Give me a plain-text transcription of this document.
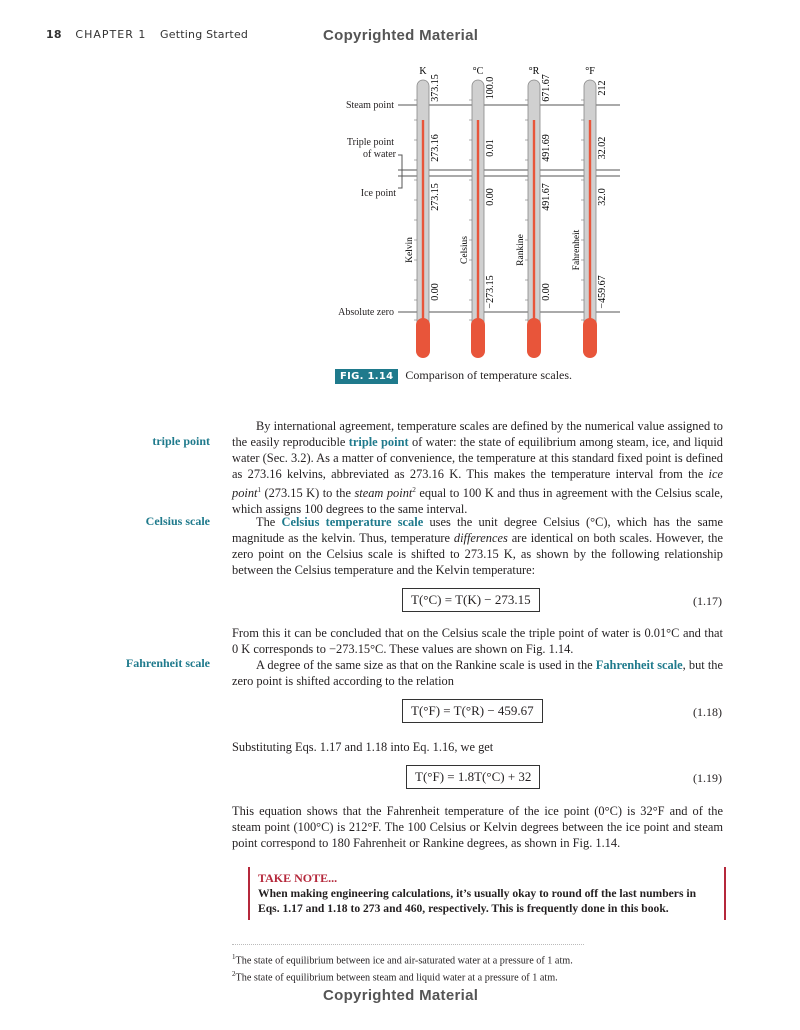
18 CHAPTER 1 Getting Started	Copyrighted Material
K
373.15
273.16
273.15
0.00
Kelvin
°C
100.0
0.01
0.00
−273.15
Celsius
°R
671.67
491.69
491.67
0.00
Rankine
°F
212
32.02
32.0
−459.67
Fahrenheit
Steam point
Triple point
of water
Ice point
Absolute zero
FIG. 1.14 Comparison of temperature scales.
triple point
Celsius scale
Fahrenheit scale

By international agreement, temperature scales are defined by the numerical value assigned to the easily reproducible triple point of water: the state of equilibrium among steam, ice, and liquid water (Sec. 3.2). As a matter of convenience, the temperature at this standard fixed point is defined as 273.16 kelvins, abbreviated as 273.16 K. This makes the temperature interval from the ice point$^1$ (273.15 K) to the steam point$^2$ equal to 100 K and thus in agreement with the Celsius scale, which assigns 100 degrees to the same interval.

The Celsius temperature scale uses the unit degree Celsius (°C), which has the same magnitude as the kelvin. Thus, temperature differences are identical on both scales. However, the zero point on the Celsius scale is shifted to 273.15 K, as shown by the following relationship between the Celsius temperature and the Kelvin temperature:

T(°C) = T(K) − 273.15	(1.17)

From this it can be concluded that on the Celsius scale the triple point of water is 0.01°C and that 0 K corresponds to −273.15°C. These values are shown on Fig. 1.14.

A degree of the same size as that on the Rankine scale is used in the Fahrenheit scale, but the zero point is shifted according to the relation

T(°F) = T(°R) − 459.67	(1.18)

Substituting Eqs. 1.17 and 1.18 into Eq. 1.16, we get

T(°F) = 1.8T(°C) + 32	(1.19)

This equation shows that the Fahrenheit temperature of the ice point (0°C) is 32°F and of the steam point (100°C) is 212°F. The 100 Celsius or Kelvin degrees between the ice point and steam point correspond to 180 Fahrenheit or Rankine degrees, as shown in Fig. 1.14.

TAKE NOTE...
When making engineering calculations, it’s usually okay to round off the last numbers in Eqs. 1.17 and 1.18 to 273 and 460, respectively. This is frequently done in this book.
$^1$The state of equilibrium between ice and air-saturated water at a pressure of 1 atm.
$^2$The state of equilibrium between steam and liquid water at a pressure of 1 atm.
Copyrighted Material
